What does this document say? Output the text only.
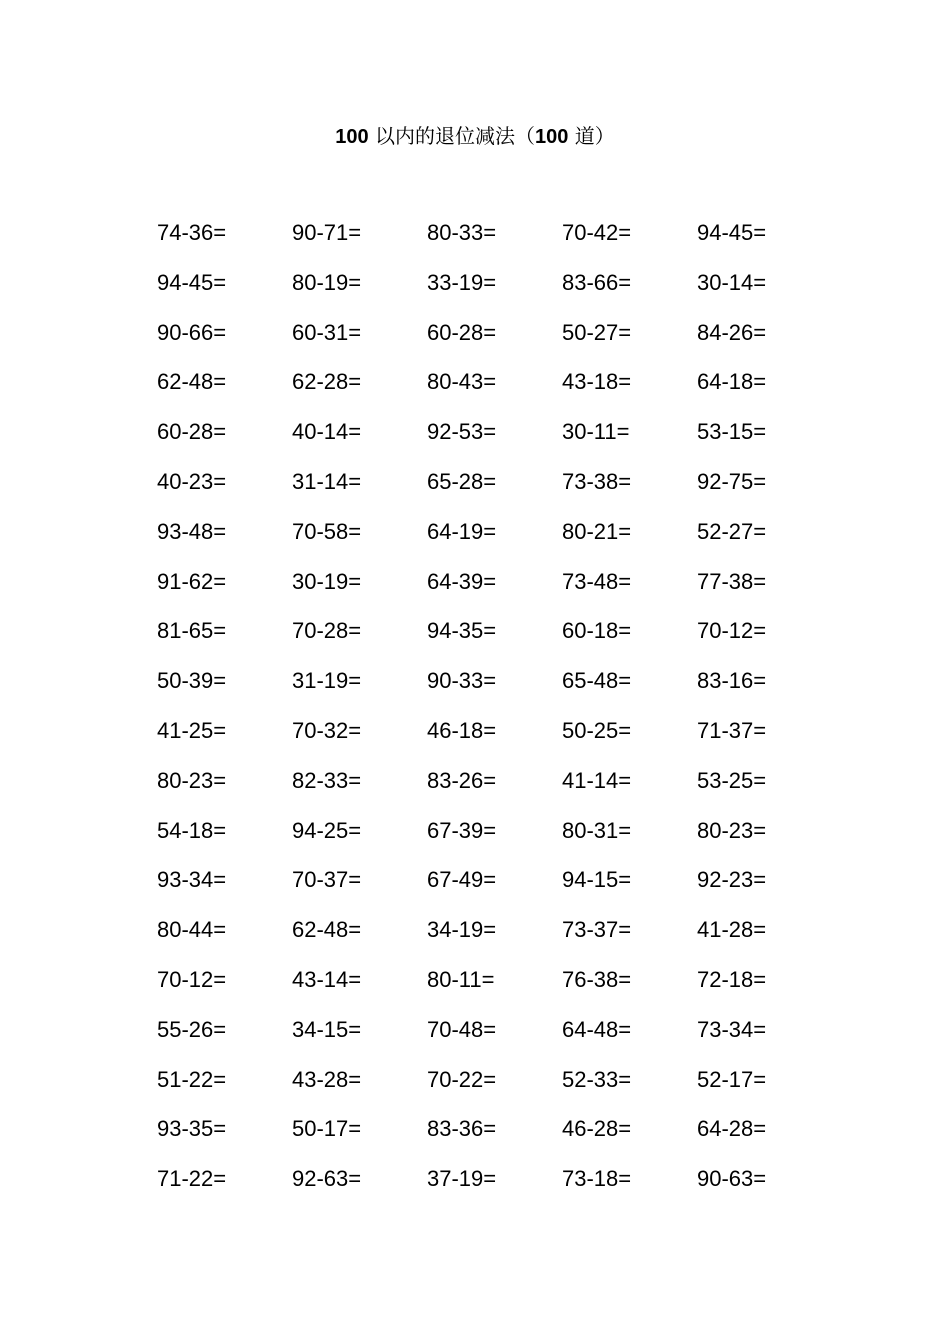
100 以内的退位减法（100 道）
74-36=	90-71=	80-33=	70-42=	94-45=
94-45=	80-19=	33-19=	83-66=	30-14=
90-66=	60-31=	60-28=	50-27=	84-26=
62-48=	62-28=	80-43=	43-18=	64-18=
60-28=	40-14=	92-53=	30-11=	53-15=
40-23=	31-14=	65-28=	73-38=	92-75=
93-48=	70-58=	64-19=	80-21=	52-27=
91-62=	30-19=	64-39=	73-48=	77-38=
81-65=	70-28=	94-35=	60-18=	70-12=
50-39=	31-19=	90-33=	65-48=	83-16=
41-25=	70-32=	46-18=	50-25=	71-37=
80-23=	82-33=	83-26=	41-14=	53-25=
54-18=	94-25=	67-39=	80-31=	80-23=
93-34=	70-37=	67-49=	94-15=	92-23=
80-44=	62-48=	34-19=	73-37=	41-28=
70-12=	43-14=	80-11=	76-38=	72-18=
55-26=	34-15=	70-48=	64-48=	73-34=
51-22=	43-28=	70-22=	52-33=	52-17=
93-35=	50-17=	83-36=	46-28=	64-28=
71-22=	92-63=	37-19=	73-18=	90-63=
